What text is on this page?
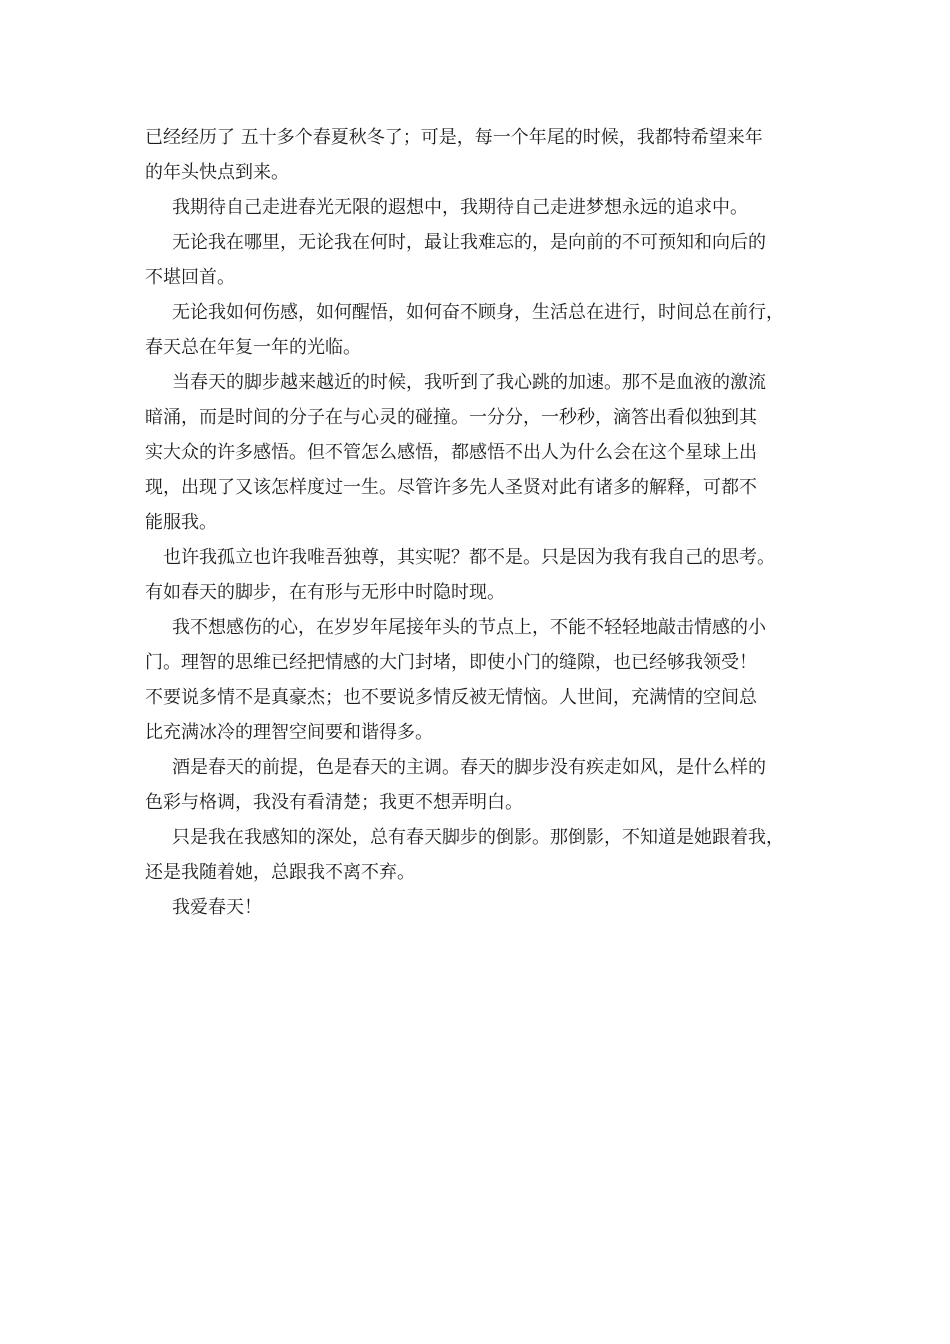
已经经历了 五十多个春夏秋冬了；可是，每一个年尾的时候，我都特希望来年
的年头快点到来。
我期待自己走进春光无限的遐想中，我期待自己走进梦想永远的追求中。
无论我在哪里，无论我在何时，最让我难忘的，是向前的不可预知和向后的
不堪回首。
无论我如何伤感，如何醒悟，如何奋不顾身，生活总在进行，时间总在前行，
春天总在年复一年的光临。
当春天的脚步越来越近的时候，我听到了我心跳的加速。那不是血液的激流
暗涌，而是时间的分子在与心灵的碰撞。一分分，一秒秒，滴答出看似独到其
实大众的许多感悟。但不管怎么感悟，都感悟不出人为什么会在这个星球上出
现，出现了又该怎样度过一生。尽管许多先人圣贤对此有诸多的解释，可都不
能服我。
也许我孤立也许我唯吾独尊，其实呢？都不是。只是因为我有我自己的思考。
有如春天的脚步，在有形与无形中时隐时现。
我不想感伤的心，在岁岁年尾接年头的节点上，不能不轻轻地敲击情感的小
门。理智的思维已经把情感的大门封堵，即使小门的缝隙，也已经够我领受！
不要说多情不是真豪杰；也不要说多情反被无情恼。人世间，充满情的空间总
比充满冰冷的理智空间要和谐得多。
酒是春天的前提，色是春天的主调。春天的脚步没有疾走如风，是什么样的
色彩与格调，我没有看清楚；我更不想弄明白。
只是我在我感知的深处，总有春天脚步的倒影。那倒影，不知道是她跟着我，
还是我随着她，总跟我不离不弃。
我爱春天！
